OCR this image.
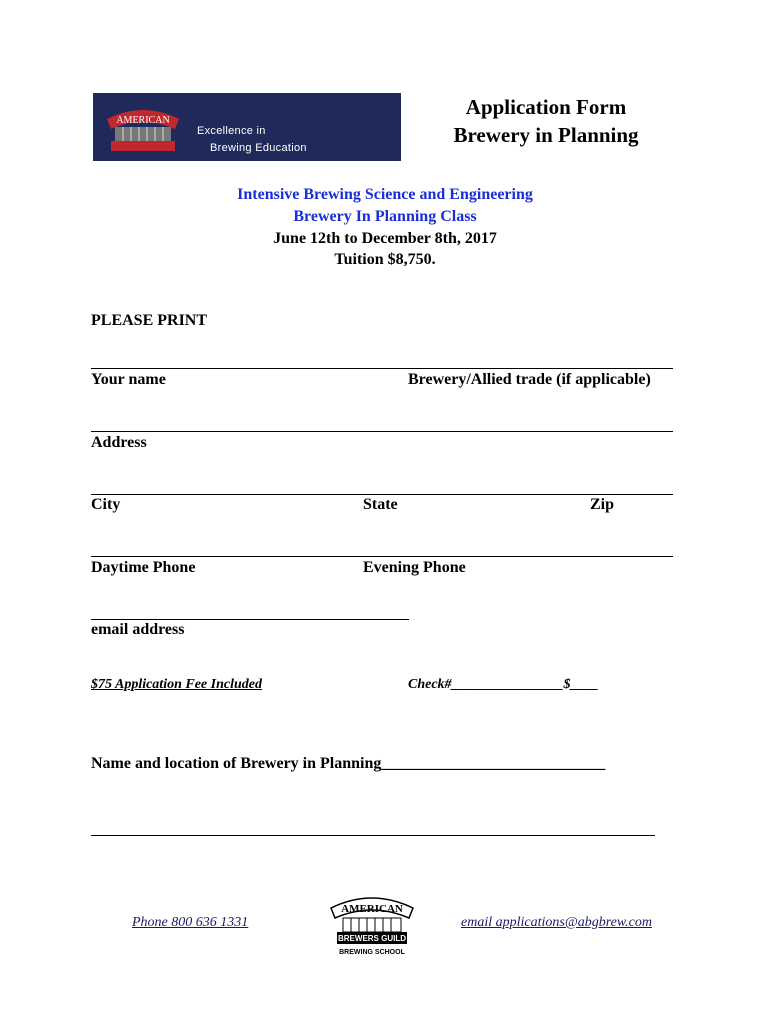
AMERICAN
Excellence in
Brewing Education
Application Form
Brewery in Planning
Intensive Brewing Science and Engineering
Brewery In Planning Class
June 12th to December 8th, 2017
Tuition $8,750.
PLEASE PRINT
Your name	Brewery/Allied trade (if applicable)
Address
City	State	Zip
Daytime Phone	Evening Phone
email address
$75 Application Fee Included	Check#________________$____
Name and location of Brewery in Planning____________________________
Phone 800 636 1331
AMERICAN
BREWERS GUILD
BREWING SCHOOL
email applications@abgbrew.com
